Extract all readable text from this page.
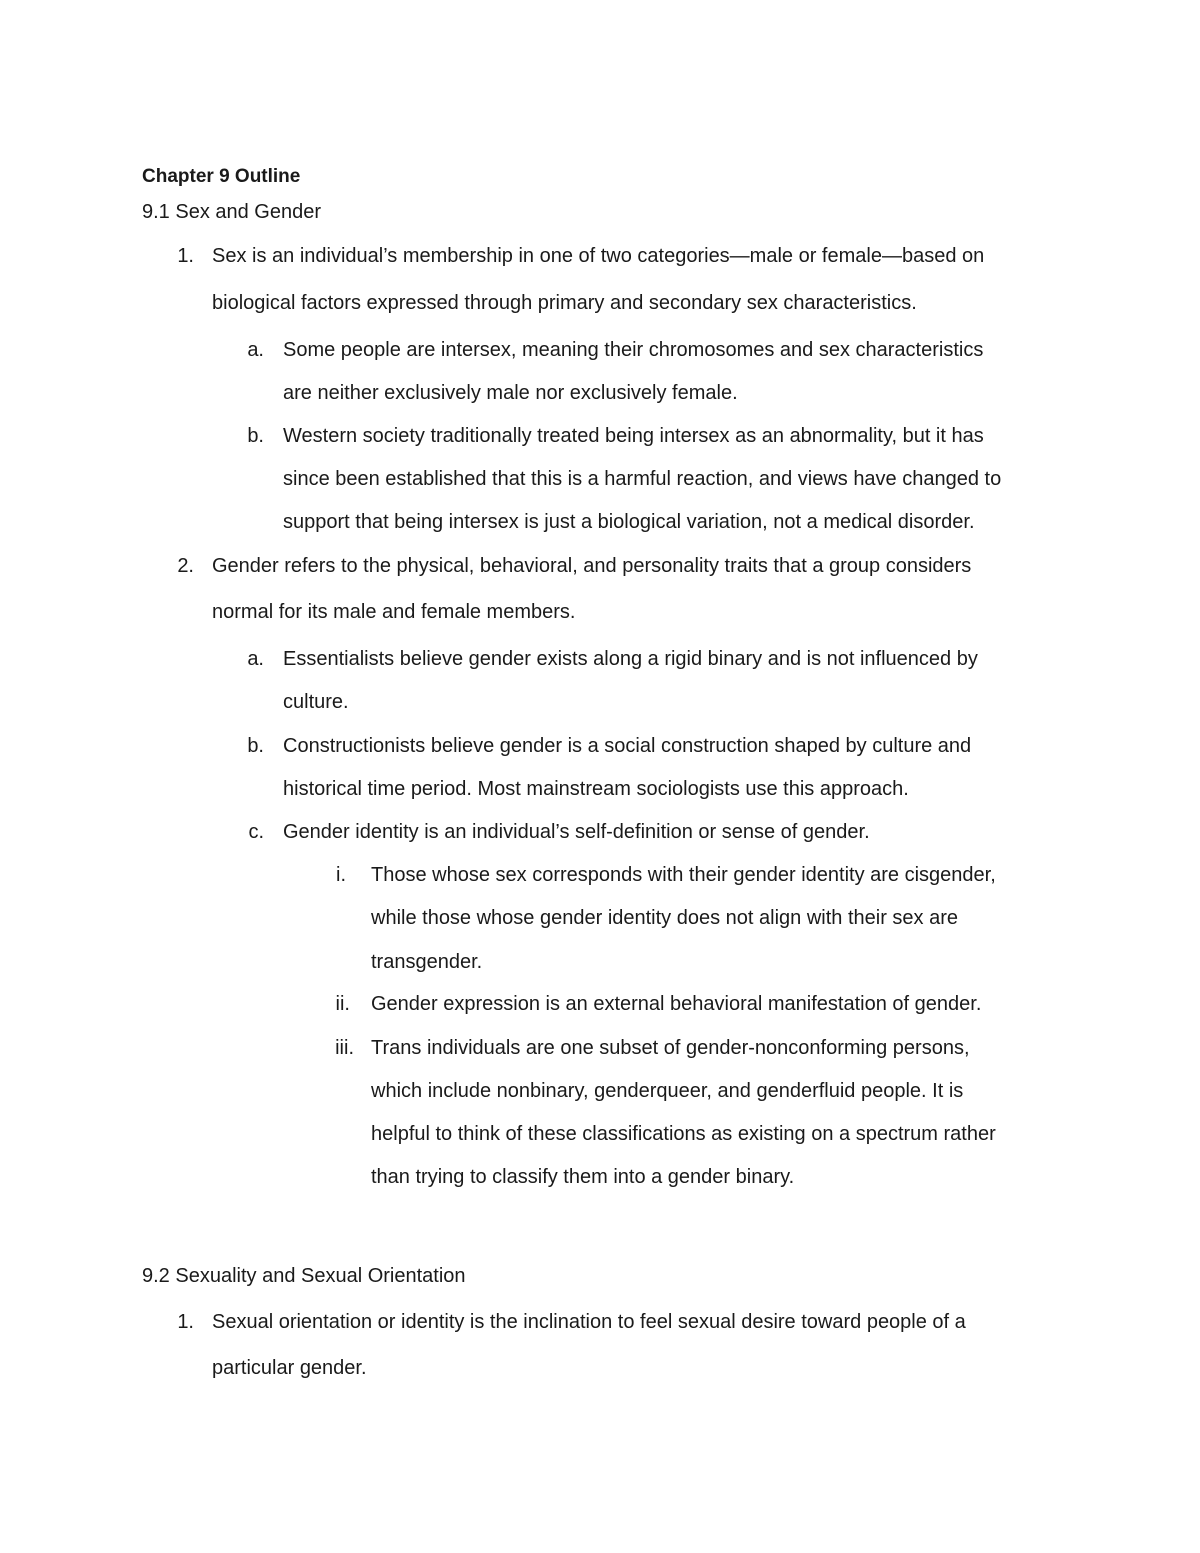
Chapter 9 Outline
9.1 Sex and Gender
1. Sex is an individual’s membership in one of two categories—male or female—based on
biological factors expressed through primary and secondary sex characteristics.
a. Some people are intersex, meaning their chromosomes and sex characteristics
are neither exclusively male nor exclusively female.
b. Western society traditionally treated being intersex as an abnormality, but it has
since been established that this is a harmful reaction, and views have changed to
support that being intersex is just a biological variation, not a medical disorder.
2. Gender refers to the physical, behavioral, and personality traits that a group considers
normal for its male and female members.
a. Essentialists believe gender exists along a rigid binary and is not influenced by
culture.
b. Constructionists believe gender is a social construction shaped by culture and
historical time period. Most mainstream sociologists use this approach.
c. Gender identity is an individual’s self-definition or sense of gender.
i. Those whose sex corresponds with their gender identity are cisgender,
while those whose gender identity does not align with their sex are
transgender.
ii. Gender expression is an external behavioral manifestation of gender.
iii. Trans individuals are one subset of gender-nonconforming persons,
which include nonbinary, genderqueer, and genderfluid people. It is
helpful to think of these classifications as existing on a spectrum rather
than trying to classify them into a gender binary.
9.2 Sexuality and Sexual Orientation
1. Sexual orientation or identity is the inclination to feel sexual desire toward people of a
particular gender.
